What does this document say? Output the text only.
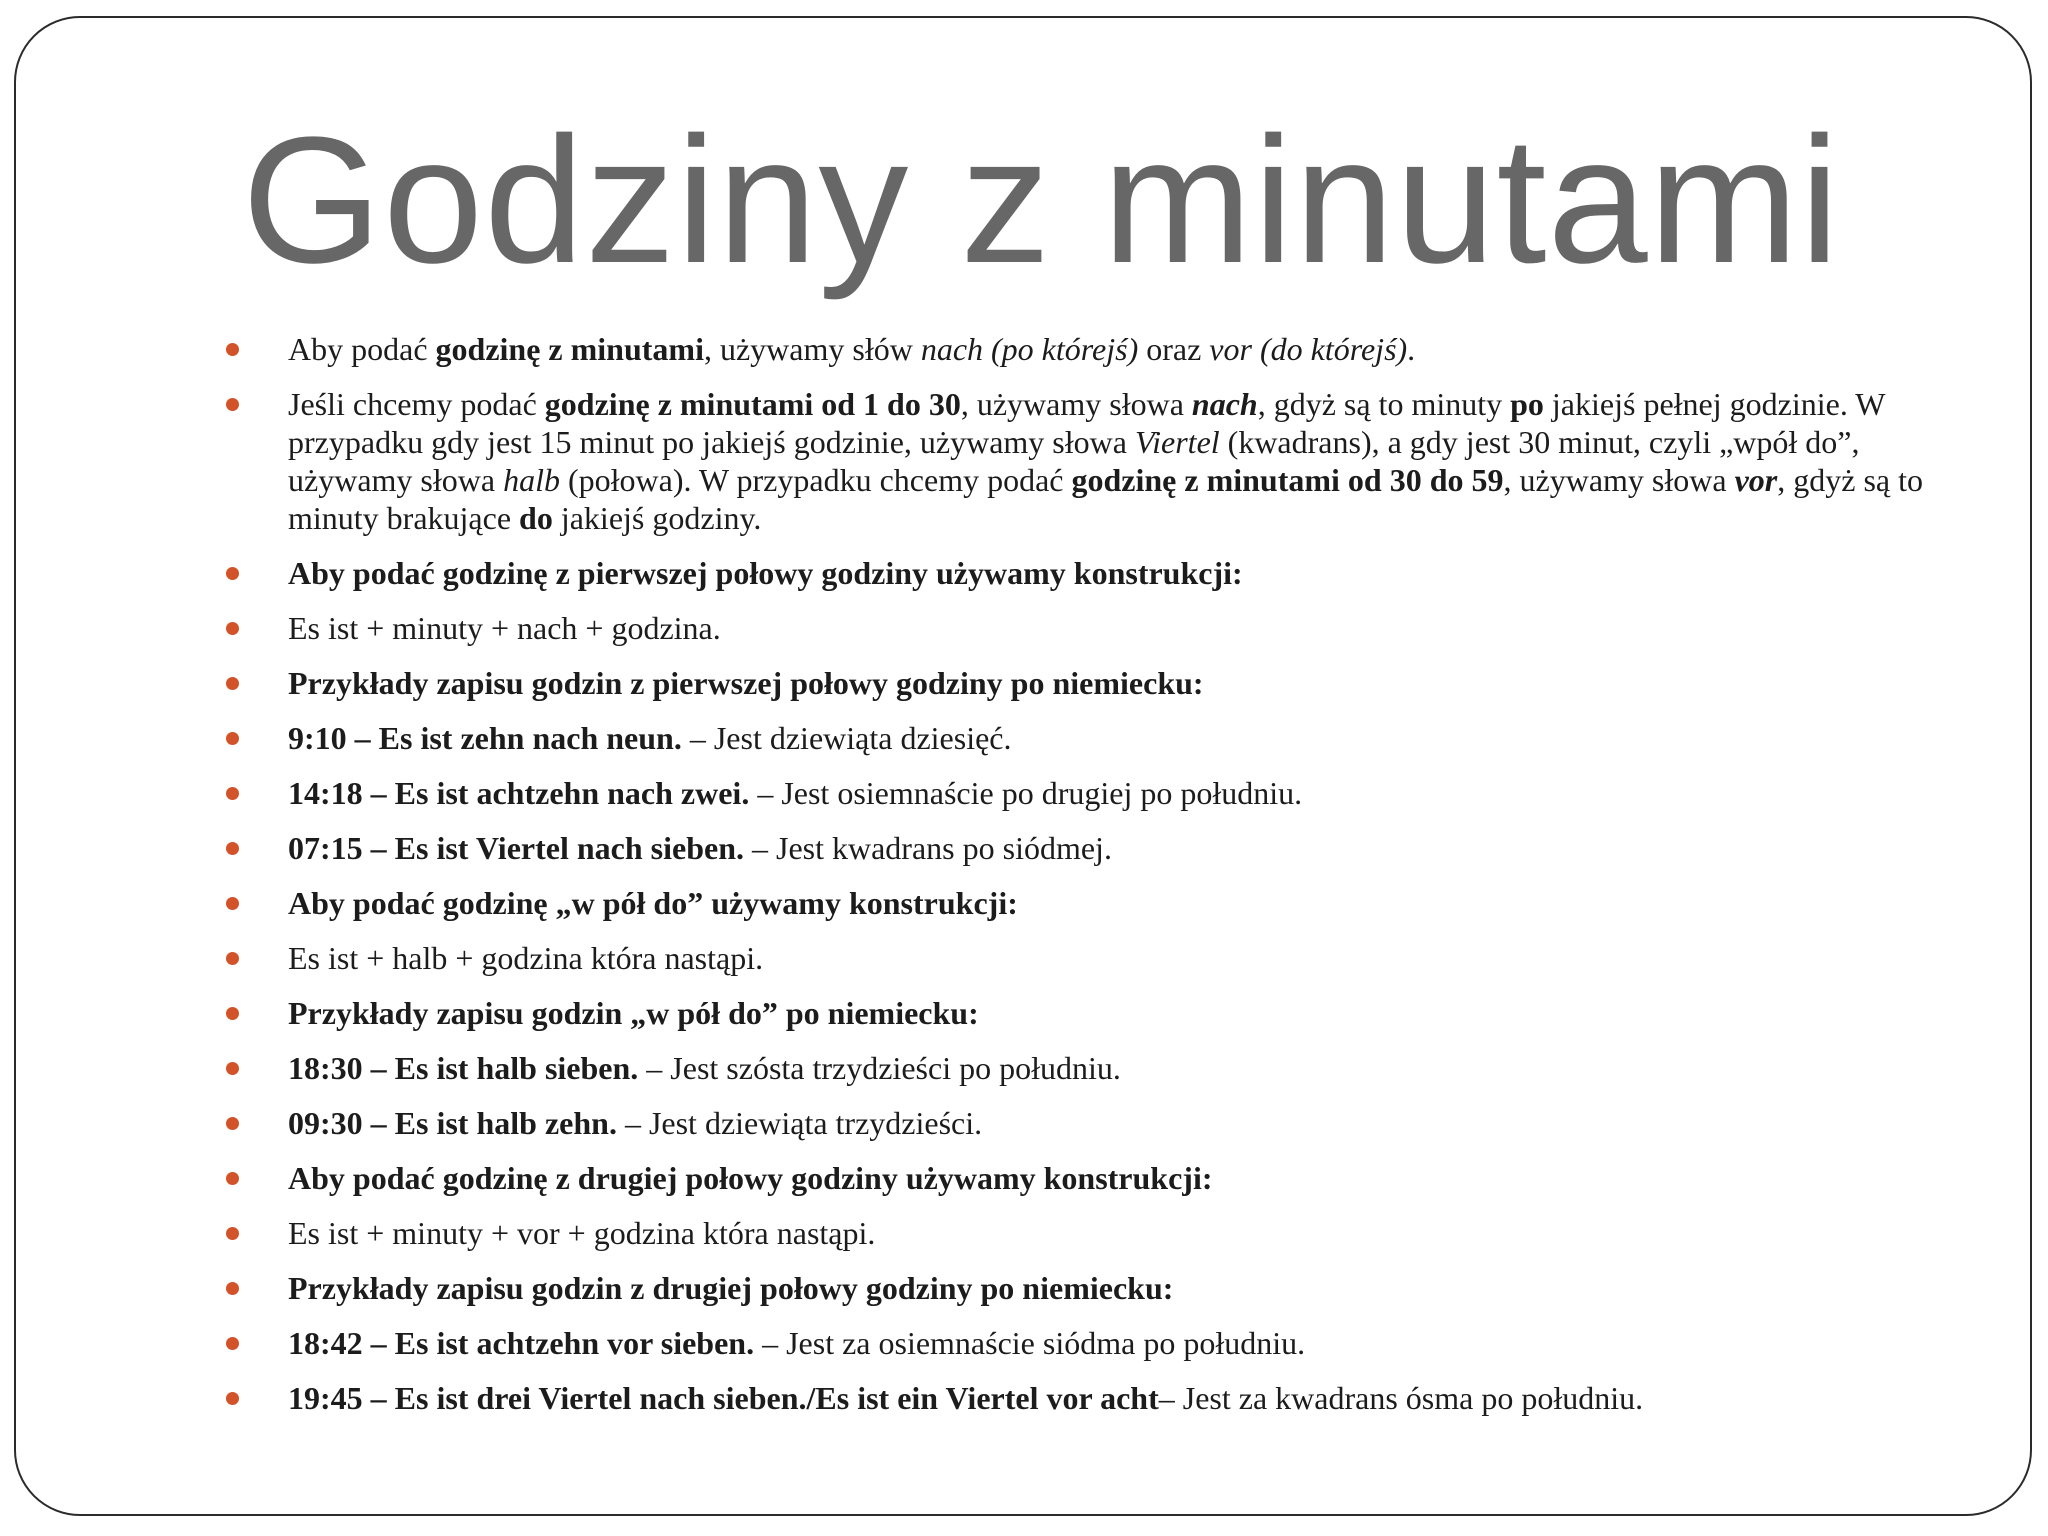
Godziny z minutami
Aby podać godzinę z minutami, używamy słów nach (po którejś) oraz vor (do którejś).
Jeśli chcemy podać godzinę z minutami od 1 do 30, używamy słowa nach, gdyż są to minuty po jakiejś pełnej godzinie. W przypadku gdy jest 15 minut po jakiejś godzinie, używamy słowa Viertel (kwadrans), a gdy jest 30 minut, czyli „wpół do”, używamy słowa halb (połowa). W przypadku chcemy podać godzinę z minutami od 30 do 59, używamy słowa vor, gdyż są to minuty brakujące do jakiejś godziny.
Aby podać godzinę z pierwszej połowy godziny używamy konstrukcji:
Es ist + minuty + nach + godzina.
Przykłady zapisu godzin z pierwszej połowy godziny po niemiecku:
9:10 – Es ist zehn nach neun. – Jest dziewiąta dziesięć.
14:18 – Es ist achtzehn nach zwei. – Jest osiemnaście po drugiej po południu.
07:15 – Es ist Viertel nach sieben. – Jest kwadrans po siódmej.
Aby podać godzinę „w pół do” używamy konstrukcji:
Es ist + halb + godzina która nastąpi.
Przykłady zapisu godzin „w pół do” po niemiecku:
18:30 – Es ist halb sieben. – Jest szósta trzydzieści po południu.
09:30 – Es ist halb zehn. – Jest dziewiąta trzydzieści.
Aby podać godzinę z drugiej połowy godziny używamy konstrukcji:
Es ist + minuty + vor + godzina która nastąpi.
Przykłady zapisu godzin z drugiej połowy godziny po niemiecku:
18:42 – Es ist achtzehn vor sieben. – Jest za osiemnaście siódma po południu.
19:45 – Es ist drei Viertel nach sieben./Es ist ein Viertel vor acht– Jest za kwadrans ósma po południu.
